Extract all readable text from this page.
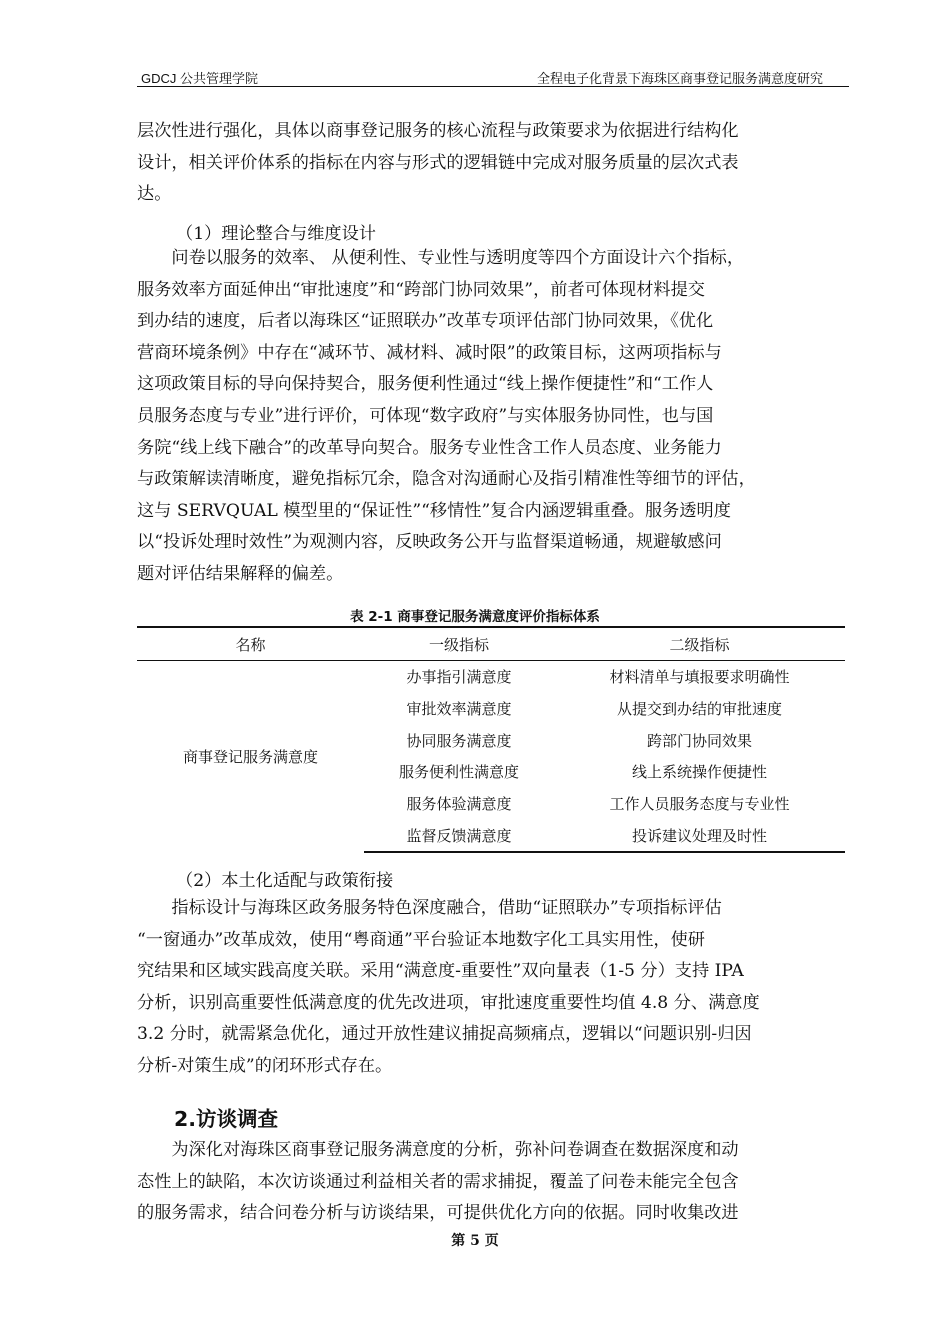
GDCJ 公共管理学院	全程电子化背景下海珠区商事登记服务满意度研究
层次性进行强化，具体以商事登记服务的核心流程与政策要求为依据进行结构化
设计，相关评价体系的指标在内容与形式的逻辑链中完成对服务质量的层次式表
达。

（1）理论整合与维度设计

　　问卷以服务的效率、 从便利性、专业性与透明度等四个方面设计六个指标，
服务效率方面延伸出“审批速度”和“跨部门协同效果”，前者可体现材料提交
到办结的速度，后者以海珠区“证照联办”改革专项评估部门协同效果，《优化
营商环境条例》中存在“减环节、减材料、减时限”的政策目标，这两项指标与
这项政策目标的导向保持契合，服务便利性通过“线上操作便捷性”和“工作人
员服务态度与专业”进行评价，可体现“数字政府”与实体服务协同性，也与国
务院“线上线下融合”的改革导向契合。服务专业性含工作人员态度、业务能力
与政策解读清晰度，避免指标冗余，隐含对沟通耐心及指引精准性等细节的评估，
这与 SERVQUAL 模型里的“保证性”“移情性”复合内涵逻辑重叠。服务透明度
以“投诉处理时效性”为观测内容，反映政务公开与监督渠道畅通，规避敏感问
题对评估结果解释的偏差。
表 2-1 商事登记服务满意度评价指标体系
名称	一级指标	二级指标
商事登记服务满意度	办事指引满意度	材料清单与填报要求明确性
	审批效率满意度	从提交到办结的审批速度
	协同服务满意度	跨部门协同效果
	服务便利性满意度	线上系统操作便捷性
	服务体验满意度	工作人员服务态度与专业性
	监督反馈满意度	投诉建议处理及时性

（2）本土化适配与政策衔接

　　指标设计与海珠区政务服务特色深度融合，借助“证照联办”专项指标评估
“一窗通办”改革成效，使用“粤商通”平台验证本地数字化工具实用性，使研
究结果和区域实践高度关联。采用“满意度-重要性”双向量表（1-5 分）支持 IPA
分析，识别高重要性低满意度的优先改进项，审批速度重要性均值 4.8 分、满意度
3.2 分时，就需紧急优化，通过开放性建议捕捉高频痛点，逻辑以“问题识别-归因
分析-对策生成”的闭环形式存在。
2.访谈调查
　　为深化对海珠区商事登记服务满意度的分析，弥补问卷调查在数据深度和动
态性上的缺陷，本次访谈通过利益相关者的需求捕捉，覆盖了问卷未能完全包含
的服务需求，结合问卷分析与访谈结果，可提供优化方向的依据。同时收集改进
第 5 页
